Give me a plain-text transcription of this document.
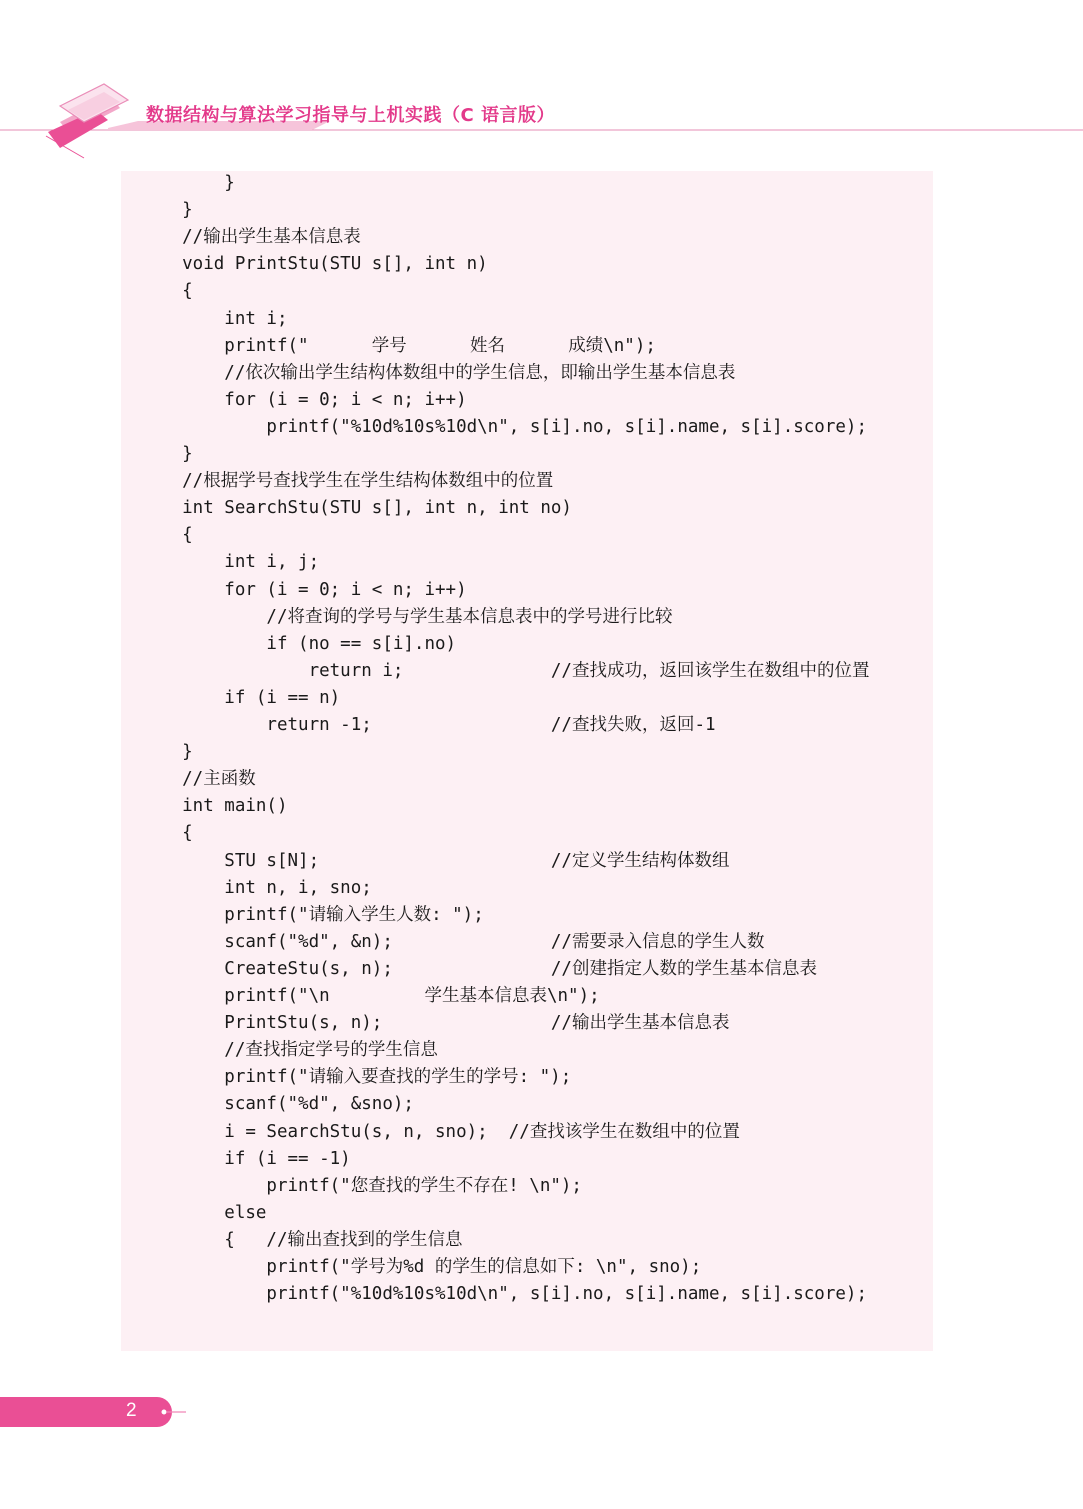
数据结构与算法学习指导与上机实践（C 语言版）
}
}
//输出学生基本信息表
void PrintStu(STU s[], int n)
{
int i;
printf("      学号      姓名      成绩\n");
//依次输出学生结构体数组中的学生信息，即输出学生基本信息表
for (i = 0; i < n; i++)
printf("%10d%10s%10d\n", s[i].no, s[i].name, s[i].score);
}
//根据学号查找学生在学生结构体数组中的位置
int SearchStu(STU s[], int n, int no)
{
int i, j;
for (i = 0; i < n; i++)
//将查询的学号与学生基本信息表中的学号进行比较
if (no == s[i].no)
return i;              //查找成功，返回该学生在数组中的位置
if (i == n)
return -1;                 //查找失败，返回-1
}
//主函数
int main()
{
STU s[N];                      //定义学生结构体数组
int n, i, sno;
printf("请输入学生人数: ");
scanf("%d", &n);               //需要录入信息的学生人数
CreateStu(s, n);               //创建指定人数的学生基本信息表
printf("\n         学生基本信息表\n");
PrintStu(s, n);                //输出学生基本信息表
//查找指定学号的学生信息
printf("请输入要查找的学生的学号: ");
scanf("%d", &sno);
i = SearchStu(s, n, sno);  //查找该学生在数组中的位置
if (i == -1)
printf("您查找的学生不存在! \n");
else
{   //输出查找到的学生信息
printf("学号为%d 的学生的信息如下: \n", sno);
printf("%10d%10s%10d\n", s[i].no, s[i].name, s[i].score);
2
